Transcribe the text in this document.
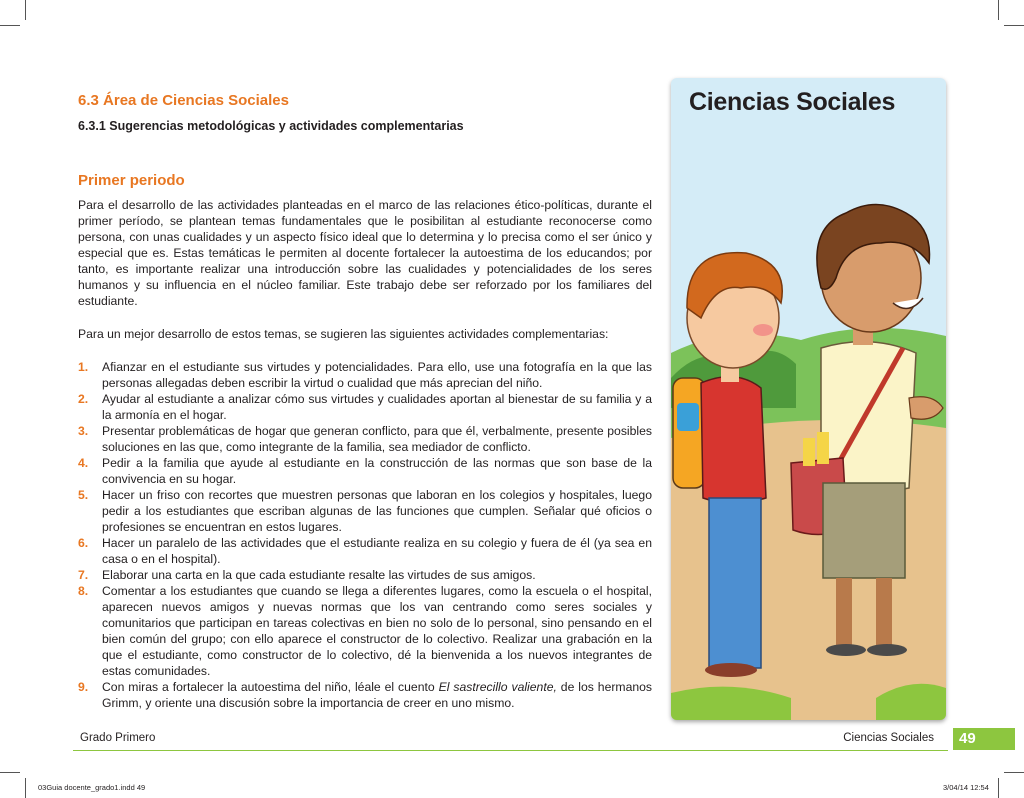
6.3 Área de Ciencias Sociales
6.3.1 Sugerencias metodológicas y actividades complementarias
Primer periodo

Para el desarrollo de las actividades planteadas en el marco de las relaciones ético-políticas, durante el primer período, se plantean temas fundamentales que le posibilitan al estudiante reconocerse como persona, con unas cualidades y un aspecto físico ideal que lo determina y lo precisa como el ser único y especial que es. Estas temáticas le permiten al docente fortalecer la autoestima de los educandos; por tanto, es importante realizar una introducción sobre las cualidades y potencialidades de los seres humanos y su influencia en el núcleo familiar. Este trabajo debe ser reforzado por los familiares del estudiante.

Para un mejor desarrollo de estos temas, se sugieren las siguientes actividades complementarias:

1. Afianzar en el estudiante sus virtudes y potencialidades. Para ello, use una fotografía en la que las personas allegadas deben escribir la virtud o cualidad que más aprecian del niño.
2. Ayudar al estudiante a analizar cómo sus virtudes y cualidades aportan al bienestar de su familia y a la armonía en el hogar.
3. Presentar problemáticas de hogar que generan conflicto, para que él, verbalmente, presente posibles soluciones en las que, como integrante de la familia, sea mediador de conflicto.
4. Pedir a la familia que ayude al estudiante en la construcción de las normas que son base de la convivencia en su hogar.
5. Hacer un friso con recortes que muestren personas que laboran en los colegios y hospitales, luego pedir a los estudiantes que escriban algunas de las funciones que cumplen. Señalar qué oficios o profesiones se encuentran en estos lugares.
6. Hacer un paralelo de las actividades que el estudiante realiza en su colegio y fuera de él (ya sea en casa o en el hospital).
7. Elaborar una carta en la que cada estudiante resalte las virtudes de sus amigos.
8. Comentar a los estudiantes que cuando se llega a diferentes lugares, como la escuela o el hospital, aparecen nuevos amigos y nuevas normas que los van centrando como seres sociales y comunitarios que participan en tareas colectivas en bien no solo de lo personal, sino pensando en el bien común del grupo; con ello aparece el constructor de lo colectivo. Realizar una grabación en la que el estudiante, como constructor de lo colectivo, dé la bienvenida a los nuevos integrantes de estas comunidades.
9. Con miras a fortalecer la autoestima del niño, léale el cuento El sastrecillo valiente, de los hermanos Grimm, y oriente una discusión sobre la importancia de creer en uno mismo.
Ciencias Sociales
Grado Primero	Ciencias Sociales	49
03Guia docente_grado1.indd 49	3/04/14 12:54
